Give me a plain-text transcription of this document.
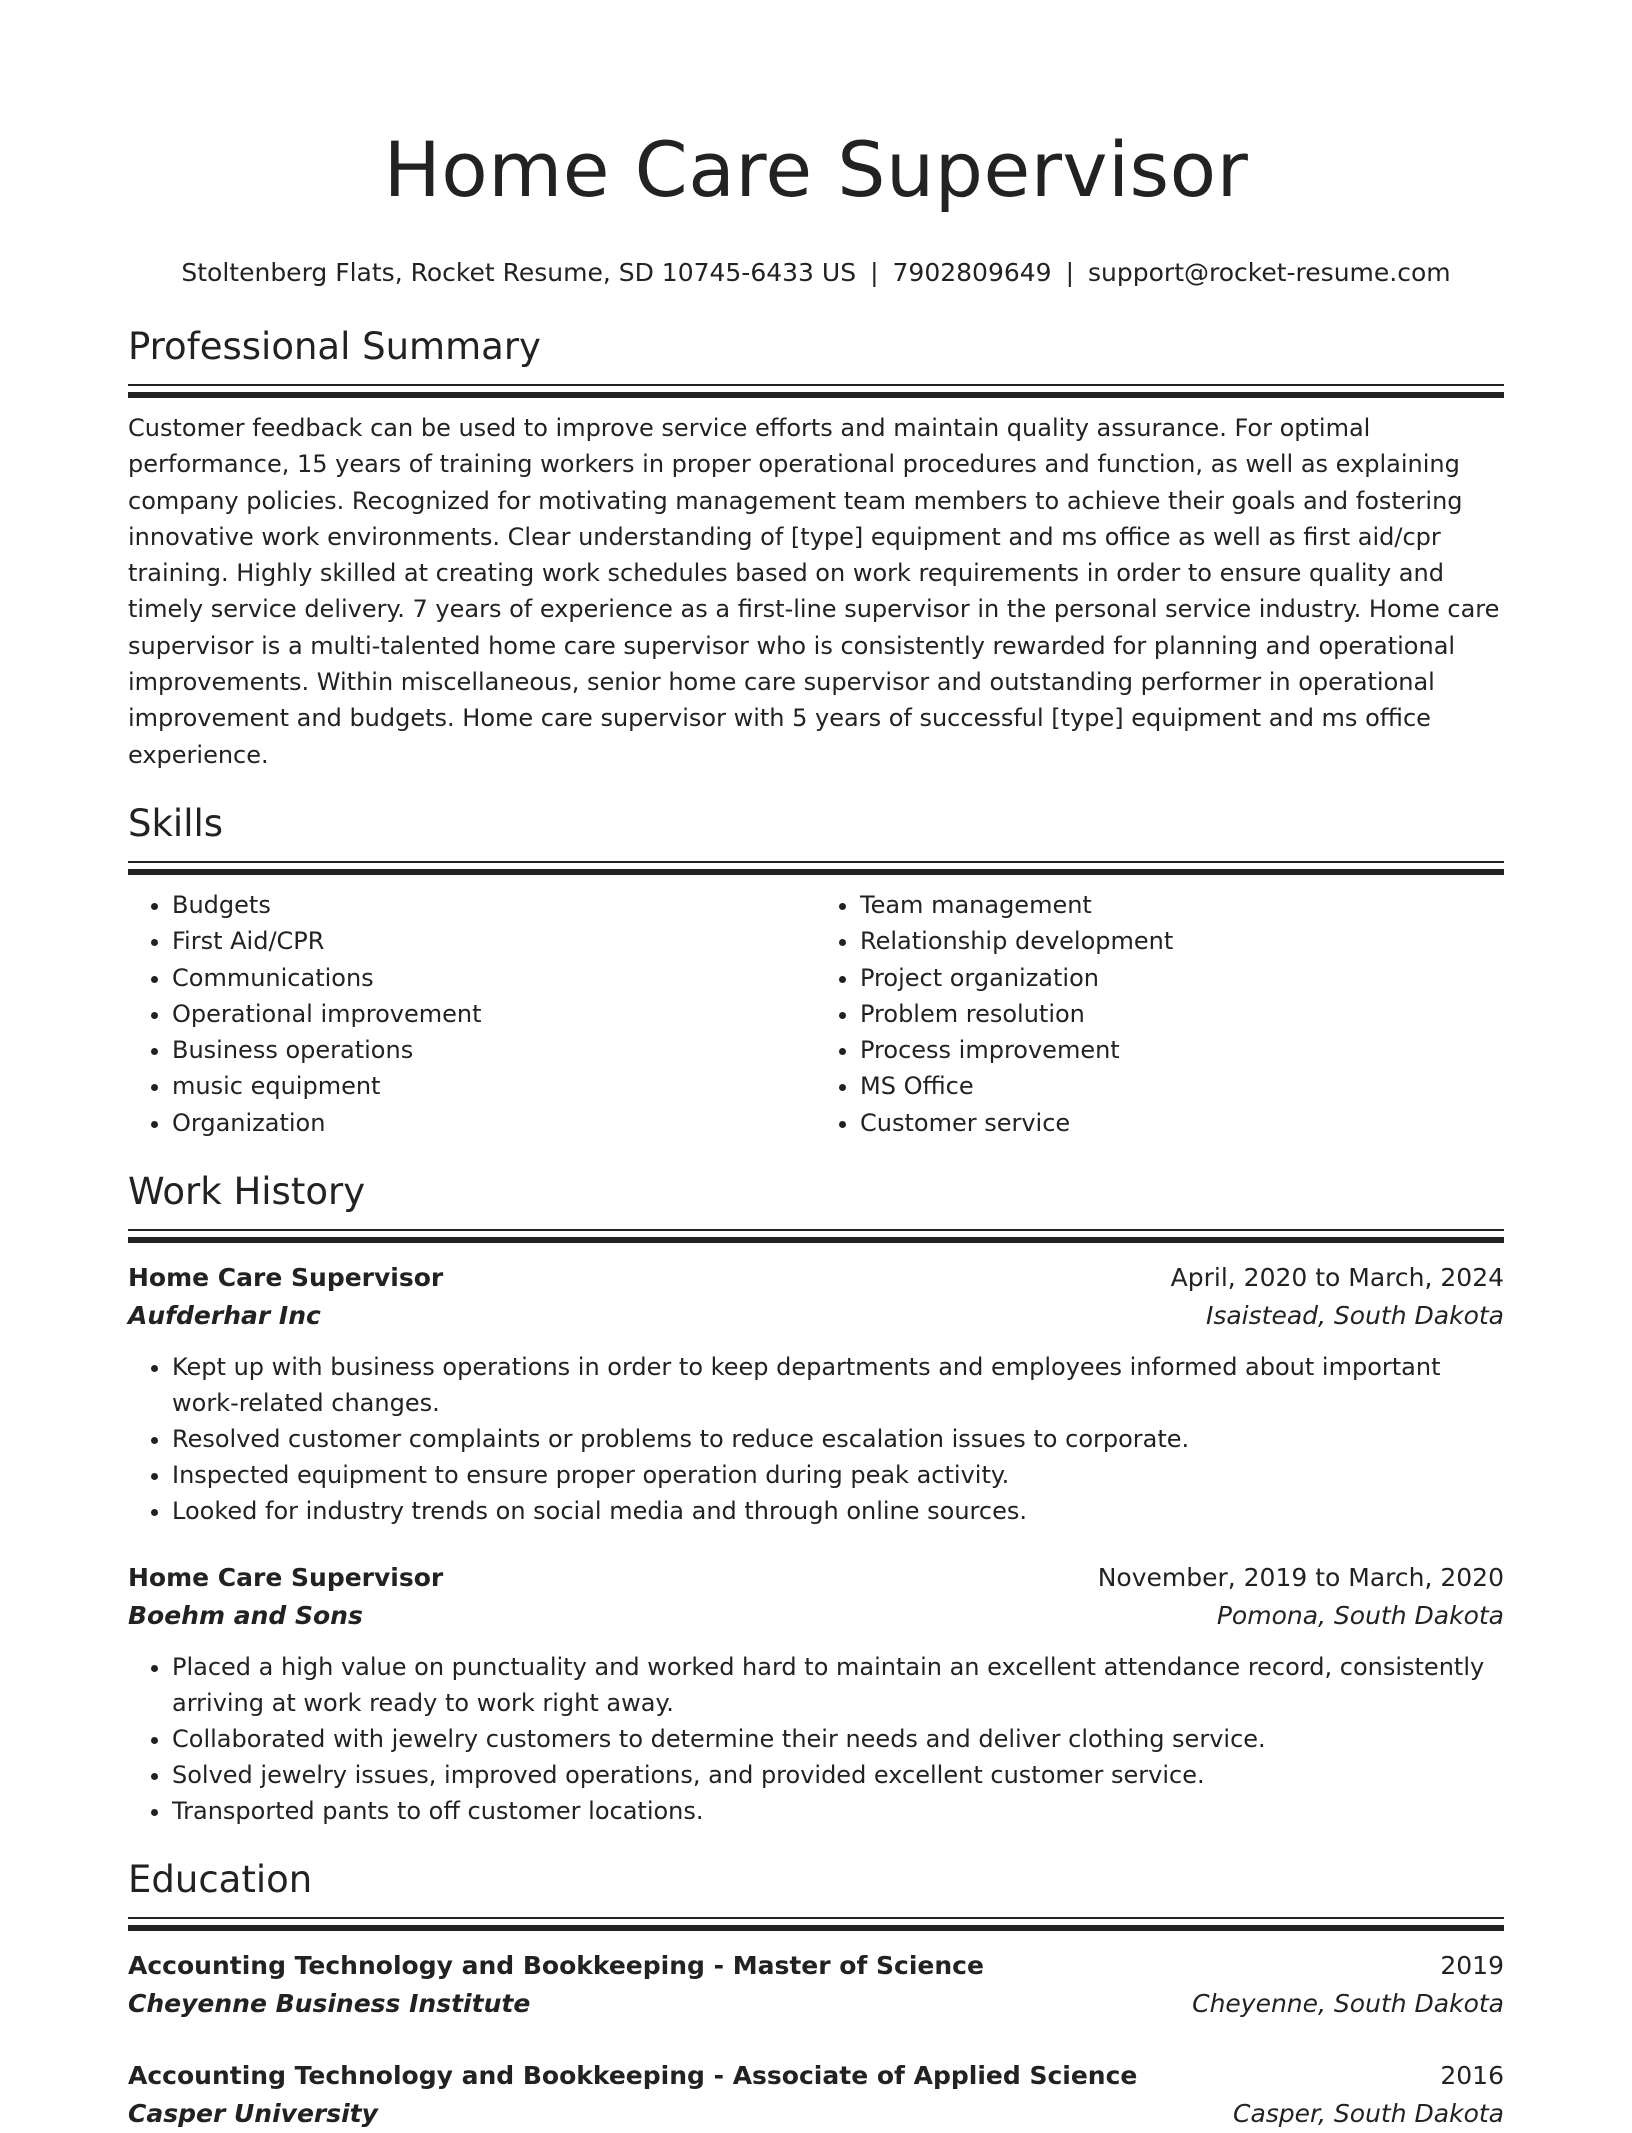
Home Care Supervisor
Stoltenberg Flats, Rocket Resume, SD 10745-6433 US | 7902809649 | support@rocket-resume.com
Professional Summary
Customer feedback can be used to improve service efforts and maintain quality assurance. For optimal performance, 15 years of training workers in proper operational procedures and function, as well as explaining company policies. Recognized for motivating management team members to achieve their goals and fostering innovative work environments. Clear understanding of [type] equipment and ms office as well as first aid/cpr training. Highly skilled at creating work schedules based on work requirements in order to ensure quality and timely service delivery. 7 years of experience as a first-line supervisor in the personal service industry. Home care supervisor is a multi-talented home care supervisor who is consistently rewarded for planning and operational improvements. Within miscellaneous, senior home care supervisor and outstanding performer in operational improvement and budgets. Home care supervisor with 5 years of successful [type] equipment and ms office experience.
Skills
• Budgets
• First Aid/CPR
• Communications
• Operational improvement
• Business operations
• music equipment
• Organization
• Team management
• Relationship development
• Project organization
• Problem resolution
• Process improvement
• MS Office
• Customer service
Work History
Home Care Supervisor	April, 2020 to March, 2024
Aufderhar Inc	Isaistead, South Dakota
• Kept up with business operations in order to keep departments and employees informed about important work-related changes.
• Resolved customer complaints or problems to reduce escalation issues to corporate.
• Inspected equipment to ensure proper operation during peak activity.
• Looked for industry trends on social media and through online sources.
Home Care Supervisor	November, 2019 to March, 2020
Boehm and Sons	Pomona, South Dakota
• Placed a high value on punctuality and worked hard to maintain an excellent attendance record, consistently arriving at work ready to work right away.
• Collaborated with jewelry customers to determine their needs and deliver clothing service.
• Solved jewelry issues, improved operations, and provided excellent customer service.
• Transported pants to off customer locations.
Education
Accounting Technology and Bookkeeping - Master of Science	2019
Cheyenne Business Institute	Cheyenne, South Dakota
Accounting Technology and Bookkeeping - Associate of Applied Science	2016
Casper University	Casper, South Dakota
